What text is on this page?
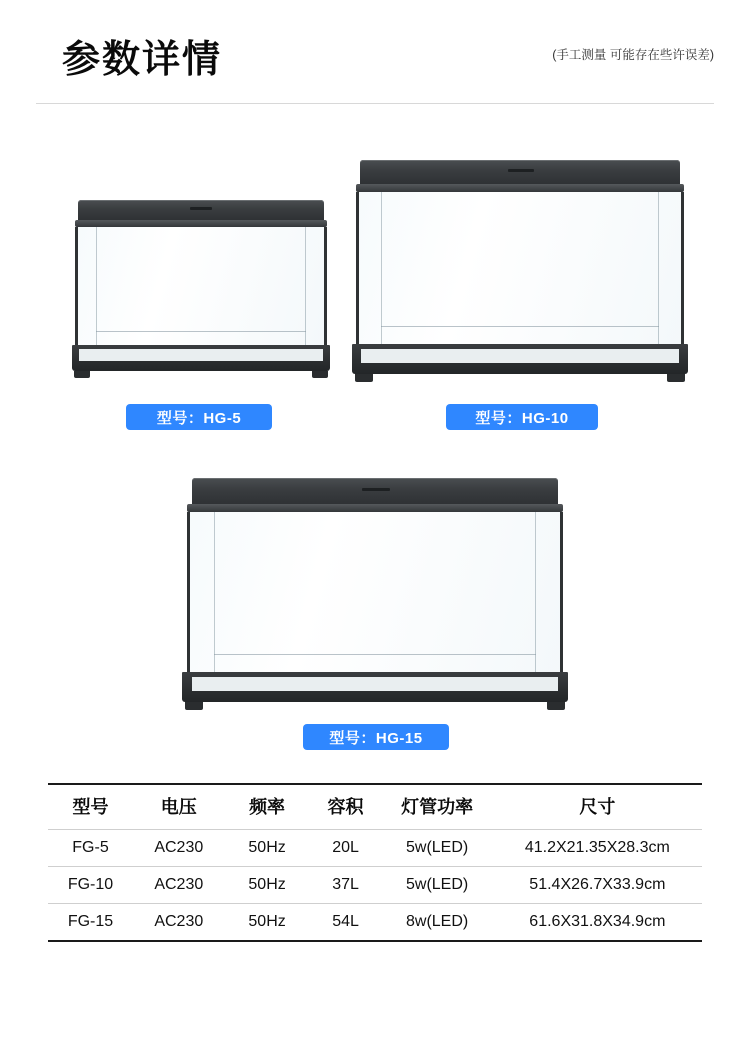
参数详情	(手工测量 可能存在些许误差)
型号：HG-5	型号：HG-10
型号：HG-15
型号	电压	频率	容积	灯管功率	尺寸
FG-5	AC230	50Hz	20L	5w(LED)	41.2X21.35X28.3cm
FG-10	AC230	50Hz	37L	5w(LED)	51.4X26.7X33.9cm
FG-15	AC230	50Hz	54L	8w(LED)	61.6X31.8X34.9cm
